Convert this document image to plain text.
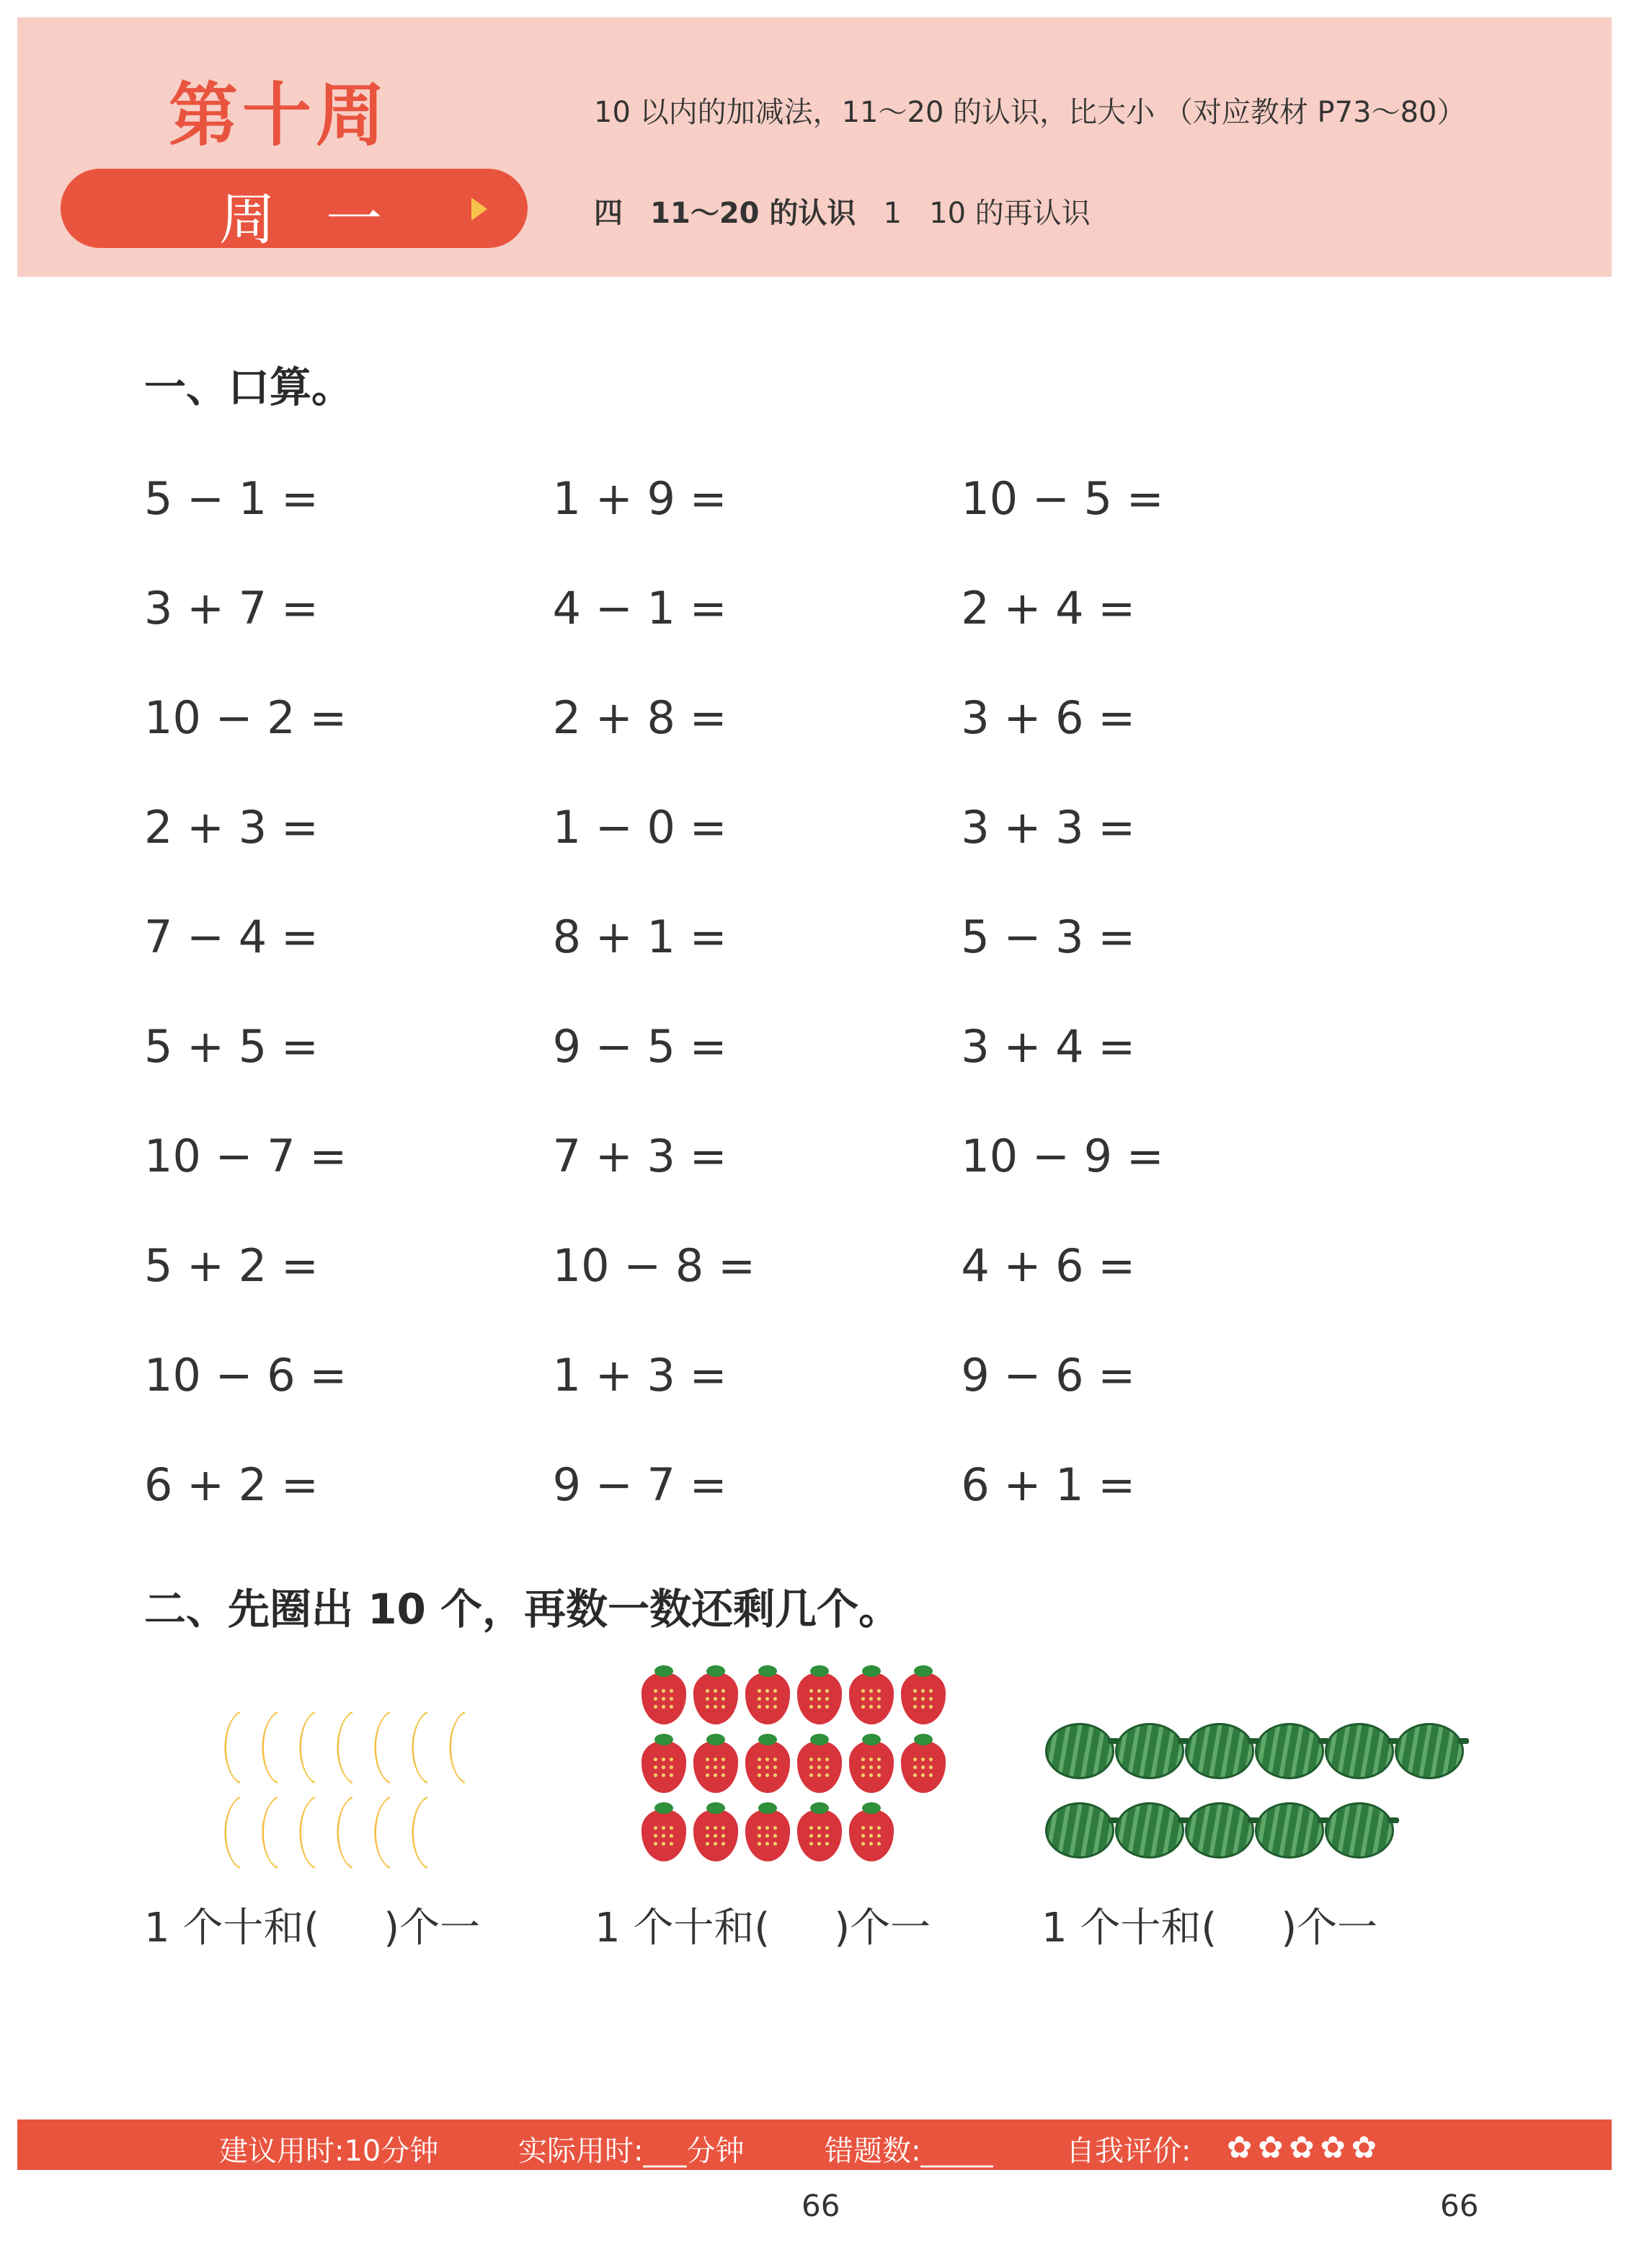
第十周
周一
10 以内的加减法，11～20 的认识，比大小 （对应教材 P73～80）
四 11～20 的认识 1 10 的再认识
一、口算。
5 − 1 =	1 + 9 =	10 − 5 =
3 + 7 =	4 − 1 =	2 + 4 =
10 − 2 =	2 + 8 =	3 + 6 =
2 + 3 =	1 − 0 =	3 + 3 =
7 − 4 =	8 + 1 =	5 − 3 =
5 + 5 =	9 − 5 =	3 + 4 =
10 − 7 =	7 + 3 =	10 − 9 =
5 + 2 =	10 − 8 =	4 + 6 =
10 − 6 =	1 + 3 =	9 − 6 =
6 + 2 =	9 − 7 =	6 + 1 =
二、先圈出 10 个，再数一数还剩几个。
1 个十和(     )个一	1 个十和(     )个一	1 个十和(     )个一
建议用时:10分钟	实际用时:___分钟	错题数:_____	自我评价: ✿✿✿✿✿
66	66
